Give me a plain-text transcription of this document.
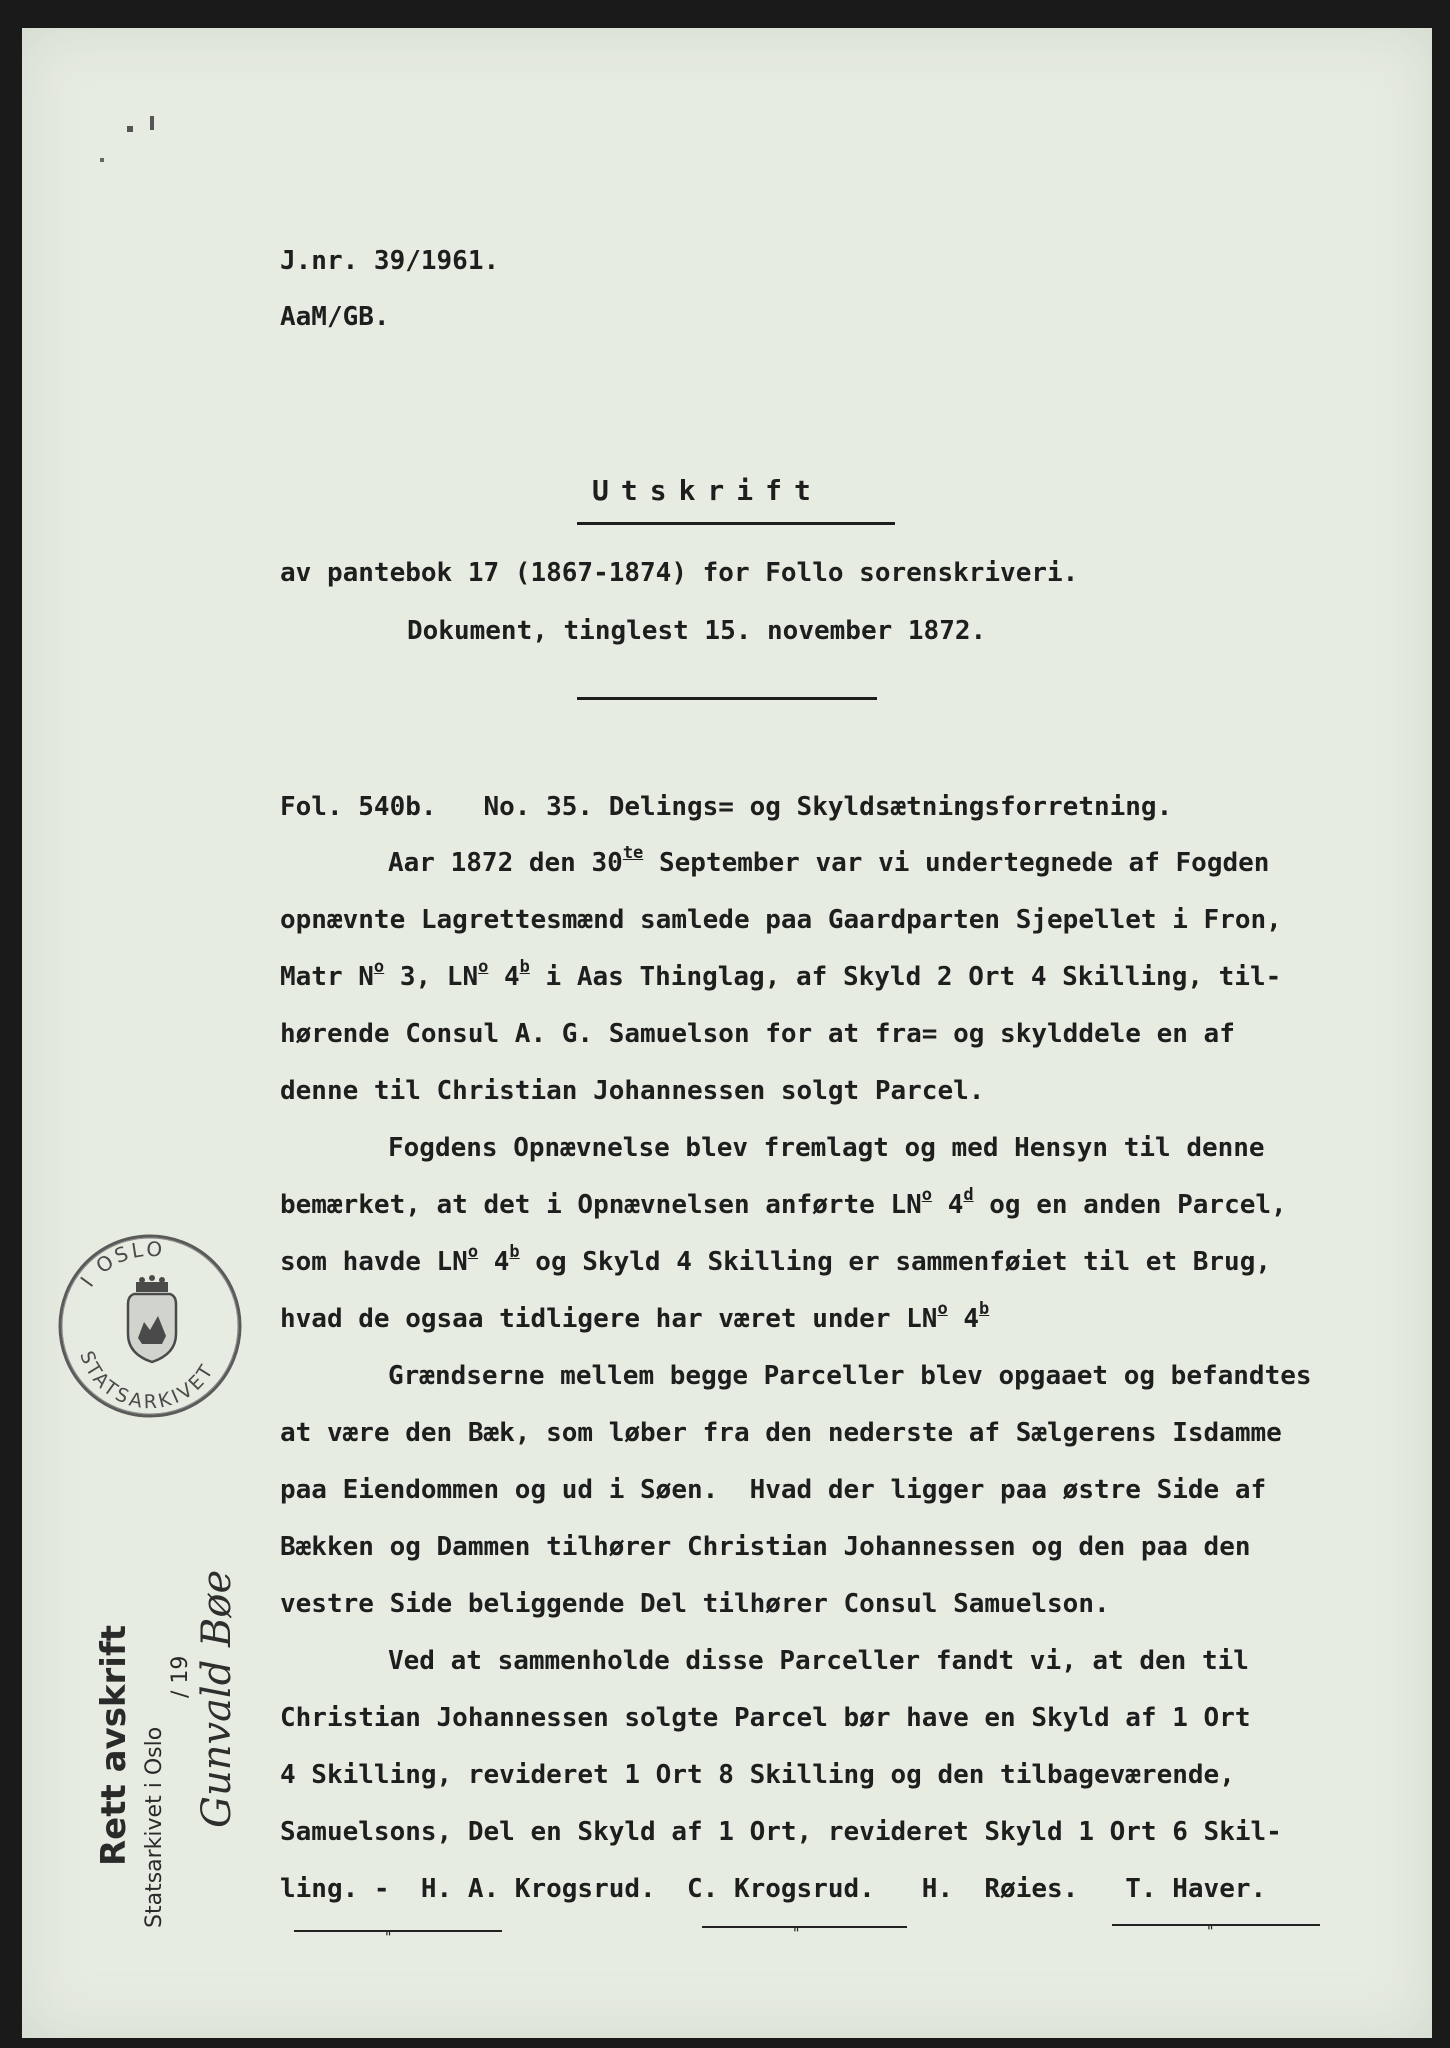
J.nr. 39/1961.
AaM/GB.
Utskrift
av pantebok 17 (1867-1874) for Follo sorenskriveri.
Dokument, tinglest 15. november 1872.
Fol. 540b.   No. 35. Delings= og Skyldsætningsforretning.
Aar 1872 den $30^{te}$ September var vi undertegnede af Fogden
opnævnte Lagrettesmænd samlede paa Gaardparten Sjepellet i Fron,
Matr $N^o$ 3, $LN^o$ 4$^b$ i Aas Thinglag, af Skyld 2 Ort 4 Skilling, til-
hørende Consul A. G. Samuelson for at fra= og skylddele en af
denne til Christian Johannessen solgt Parcel.
Fogdens Opnævnelse blev fremlagt og med Hensyn til denne
bemærket, at det i Opnævnelsen anførte $LN^o$ 4$^d$ og en anden Parcel,
som havde $LN^o$ 4$^b$ og Skyld 4 Skilling er sammenføiet til et Brug,
hvad de ogsaa tidligere har været under $LN^o$ 4$^b$
Grændserne mellem begge Parceller blev opgaaet og befandtes
at være den Bæk, som løber fra den nederste af Sælgerens Isdamme
paa Eiendommen og ud i Søen.  Hvad der ligger paa østre Side af
Bækken og Dammen tilhører Christian Johannessen og den paa den
vestre Side beliggende Del tilhører Consul Samuelson.
Ved at sammenholde disse Parceller fandt vi, at den til
Christian Johannessen solgte Parcel bør have en Skyld af 1 Ort
4 Skilling, revideret 1 Ort 8 Skilling og den tilbageværende,
Samuelsons, Del en Skyld af 1 Ort, revideret Skyld 1 Ort 6 Skil-
ling. -  H. A. Krogsrud.  C. Krogsrud.   H.  Røies.   T. Haver.
"	"	"
I OSLO
STATSARKIVET
Rett avskrift Statsarkivet i Oslo
/ 19 Gunvald Bøe
